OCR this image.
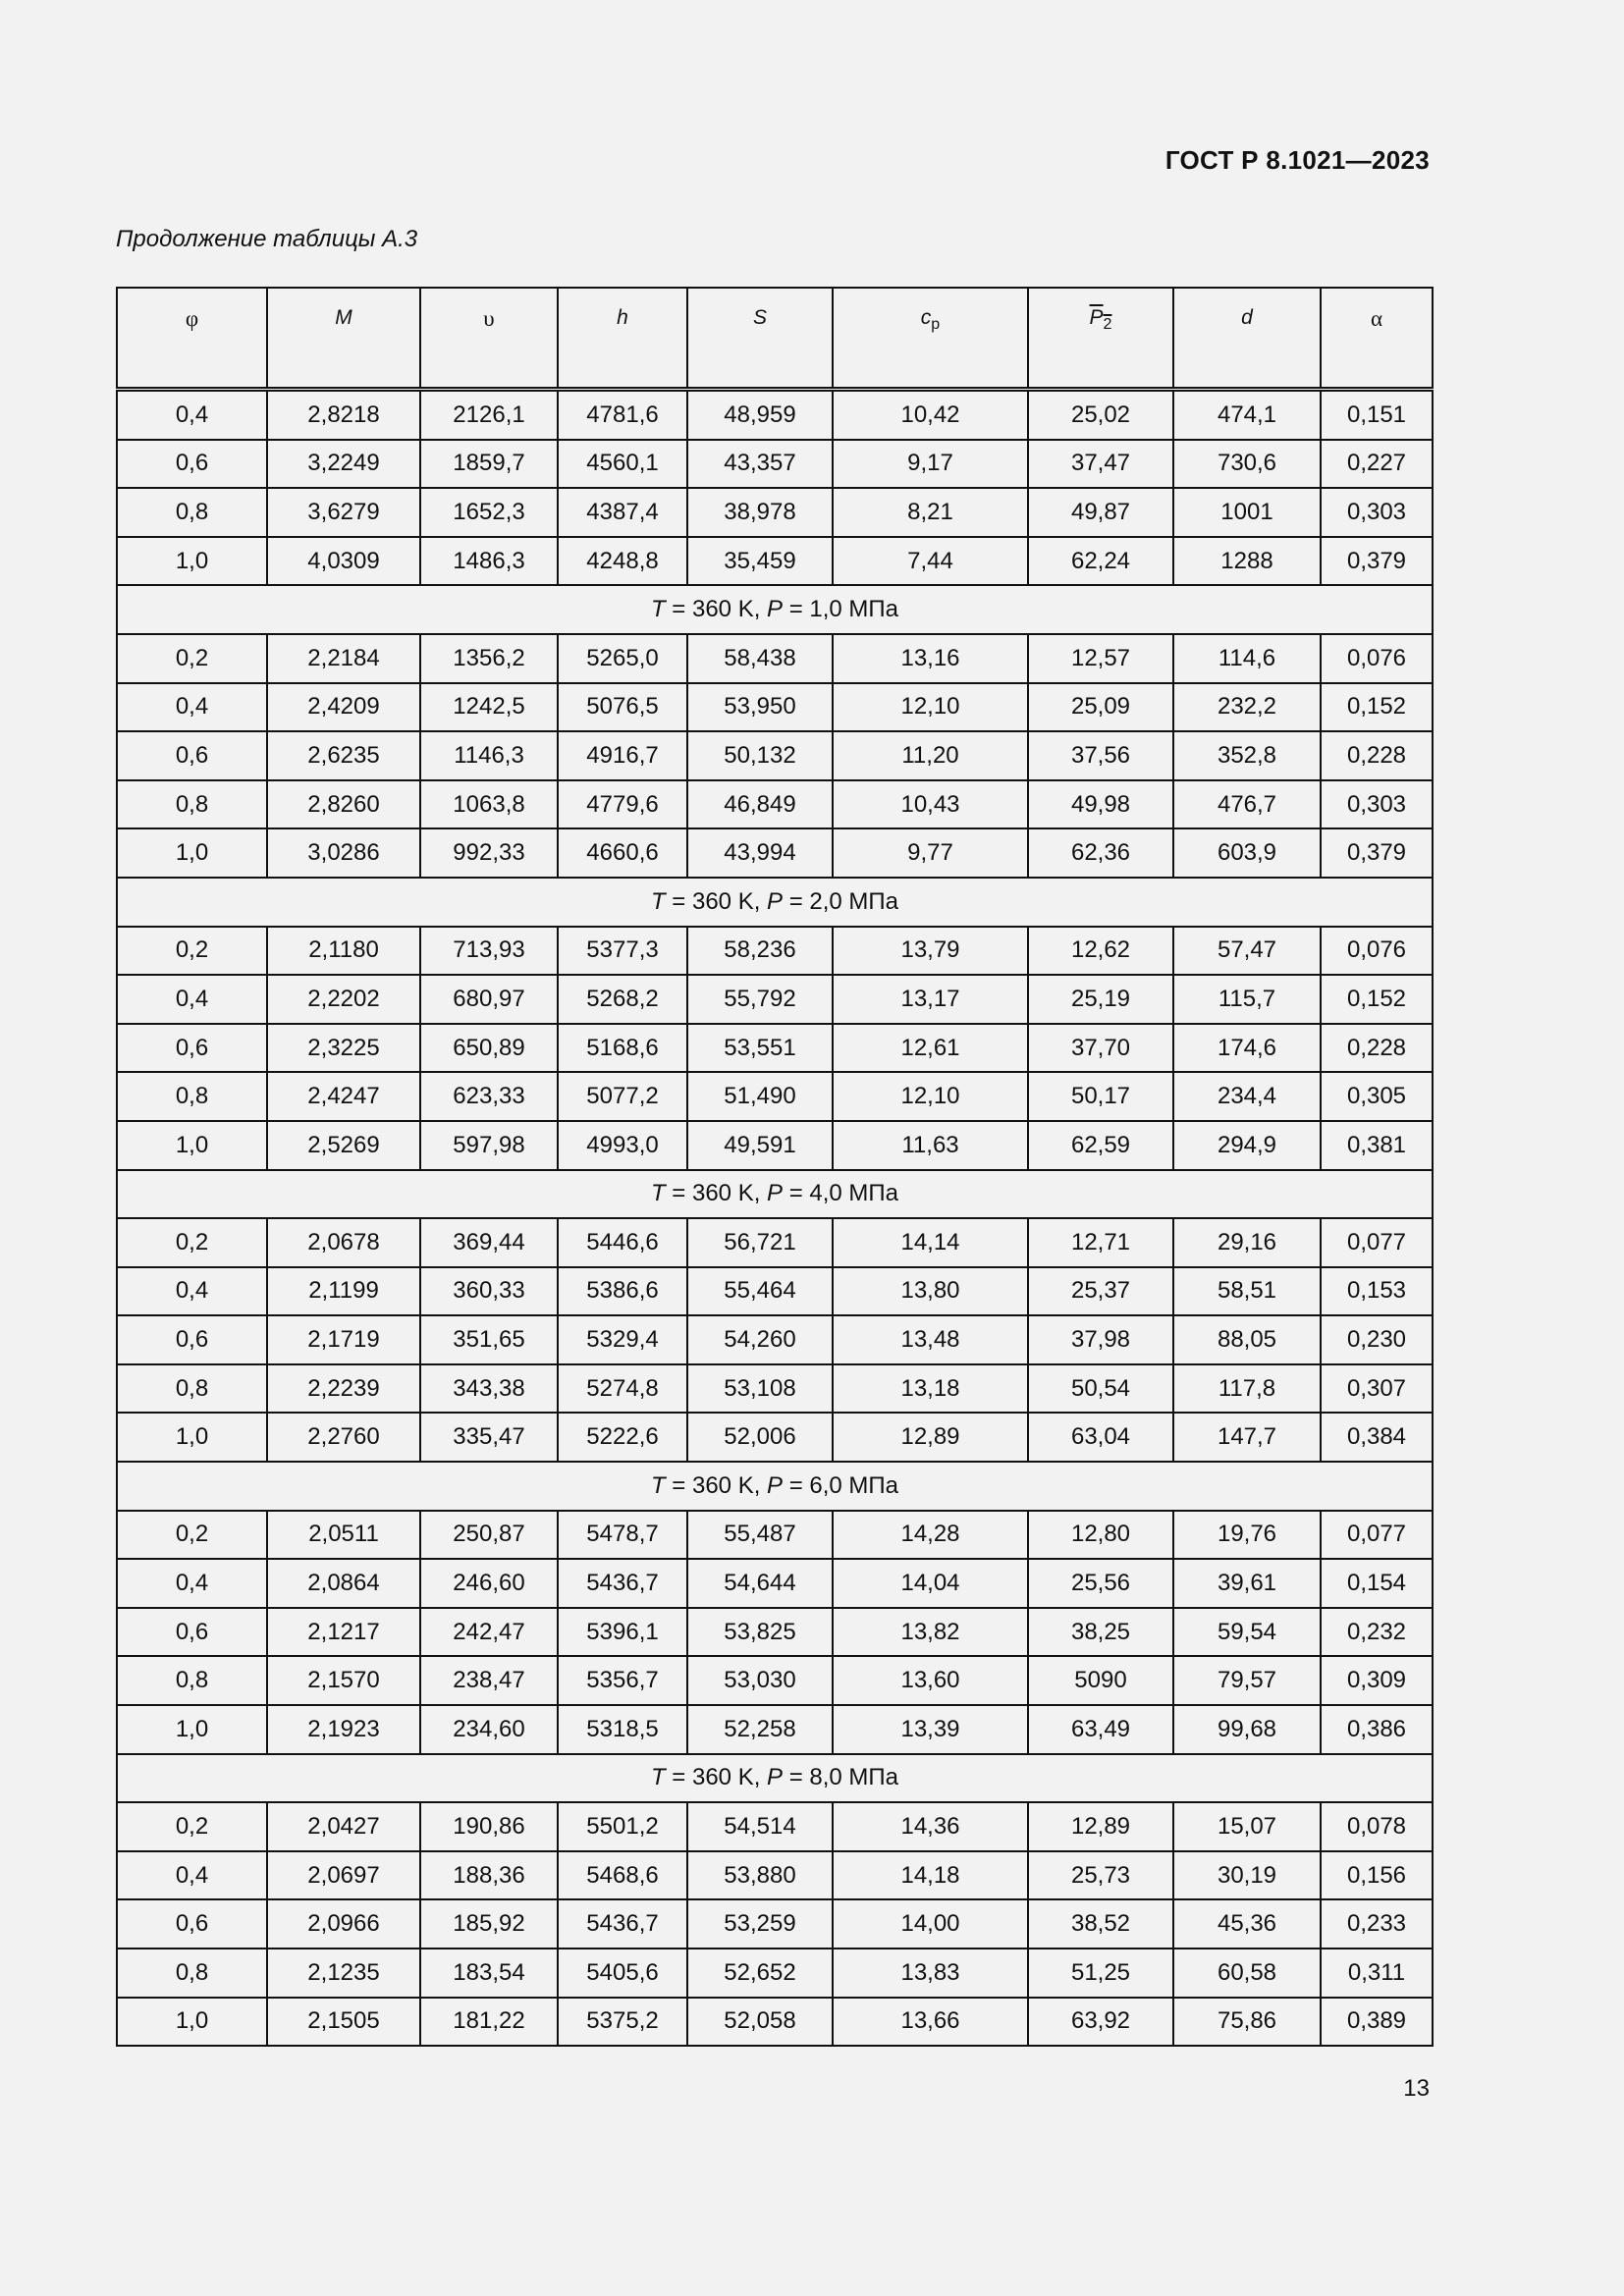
ГОСТ Р 8.1021—2023
Продолжение таблицы А.3
φ	M	υ	h	S	$c_p$	$P_2$	d	α
0,4	2,8218	2126,1	4781,6	48,959	10,42	25,02	474,1	0,151
0,6	3,2249	1859,7	4560,1	43,357	9,17	37,47	730,6	0,227
0,8	3,6279	1652,3	4387,4	38,978	8,21	49,87	1001	0,303
1,0	4,0309	1486,3	4248,8	35,459	7,44	62,24	1288	0,379
T = 360 K, P = 1,0 МПа								
0,2	2,2184	1356,2	5265,0	58,438	13,16	12,57	114,6	0,076
0,4	2,4209	1242,5	5076,5	53,950	12,10	25,09	232,2	0,152
0,6	2,6235	1146,3	4916,7	50,132	11,20	37,56	352,8	0,228
0,8	2,8260	1063,8	4779,6	46,849	10,43	49,98	476,7	0,303
1,0	3,0286	992,33	4660,6	43,994	9,77	62,36	603,9	0,379
T = 360 K, P = 2,0 МПа								
0,2	2,1180	713,93	5377,3	58,236	13,79	12,62	57,47	0,076
0,4	2,2202	680,97	5268,2	55,792	13,17	25,19	115,7	0,152
0,6	2,3225	650,89	5168,6	53,551	12,61	37,70	174,6	0,228
0,8	2,4247	623,33	5077,2	51,490	12,10	50,17	234,4	0,305
1,0	2,5269	597,98	4993,0	49,591	11,63	62,59	294,9	0,381
T = 360 K, P = 4,0 МПа								
0,2	2,0678	369,44	5446,6	56,721	14,14	12,71	29,16	0,077
0,4	2,1199	360,33	5386,6	55,464	13,80	25,37	58,51	0,153
0,6	2,1719	351,65	5329,4	54,260	13,48	37,98	88,05	0,230
0,8	2,2239	343,38	5274,8	53,108	13,18	50,54	117,8	0,307
1,0	2,2760	335,47	5222,6	52,006	12,89	63,04	147,7	0,384
T = 360 K, P = 6,0 МПа								
0,2	2,0511	250,87	5478,7	55,487	14,28	12,80	19,76	0,077
0,4	2,0864	246,60	5436,7	54,644	14,04	25,56	39,61	0,154
0,6	2,1217	242,47	5396,1	53,825	13,82	38,25	59,54	0,232
0,8	2,1570	238,47	5356,7	53,030	13,60	5090	79,57	0,309
1,0	2,1923	234,60	5318,5	52,258	13,39	63,49	99,68	0,386
T = 360 K, P = 8,0 МПа								
0,2	2,0427	190,86	5501,2	54,514	14,36	12,89	15,07	0,078
0,4	2,0697	188,36	5468,6	53,880	14,18	25,73	30,19	0,156
0,6	2,0966	185,92	5436,7	53,259	14,00	38,52	45,36	0,233
0,8	2,1235	183,54	5405,6	52,652	13,83	51,25	60,58	0,311
1,0	2,1505	181,22	5375,2	52,058	13,66	63,92	75,86	0,389
13
